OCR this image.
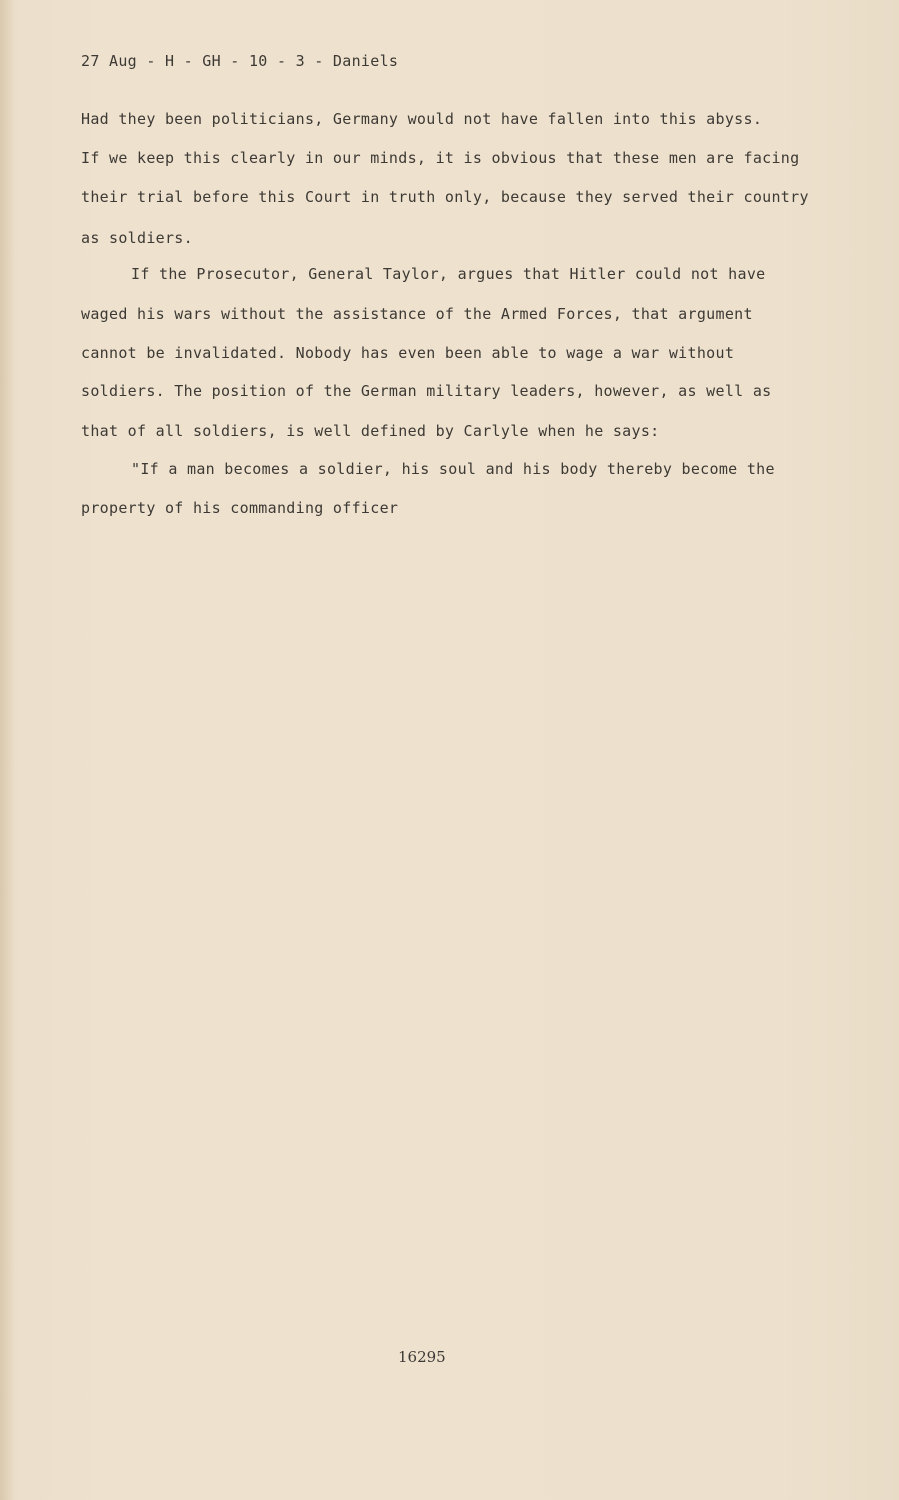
27 Aug - H - GH - 10 - 3 - Daniels
Had they been politicians, Germany would not have fallen into this abyss.
If we keep this clearly in our minds, it is obvious that these men are facing
their trial before this Court in truth only, because they served their country
as soldiers.
If the Prosecutor, General Taylor, argues that Hitler could not have
waged his wars without the assistance of the Armed Forces, that argument
cannot be invalidated. Nobody has even been able to wage a war without
soldiers. The position of the German military leaders, however, as well as
that of all soldiers, is well defined by Carlyle when he says:
"If a man becomes a soldier, his soul and his body thereby become the
property of his commanding officer
16295
